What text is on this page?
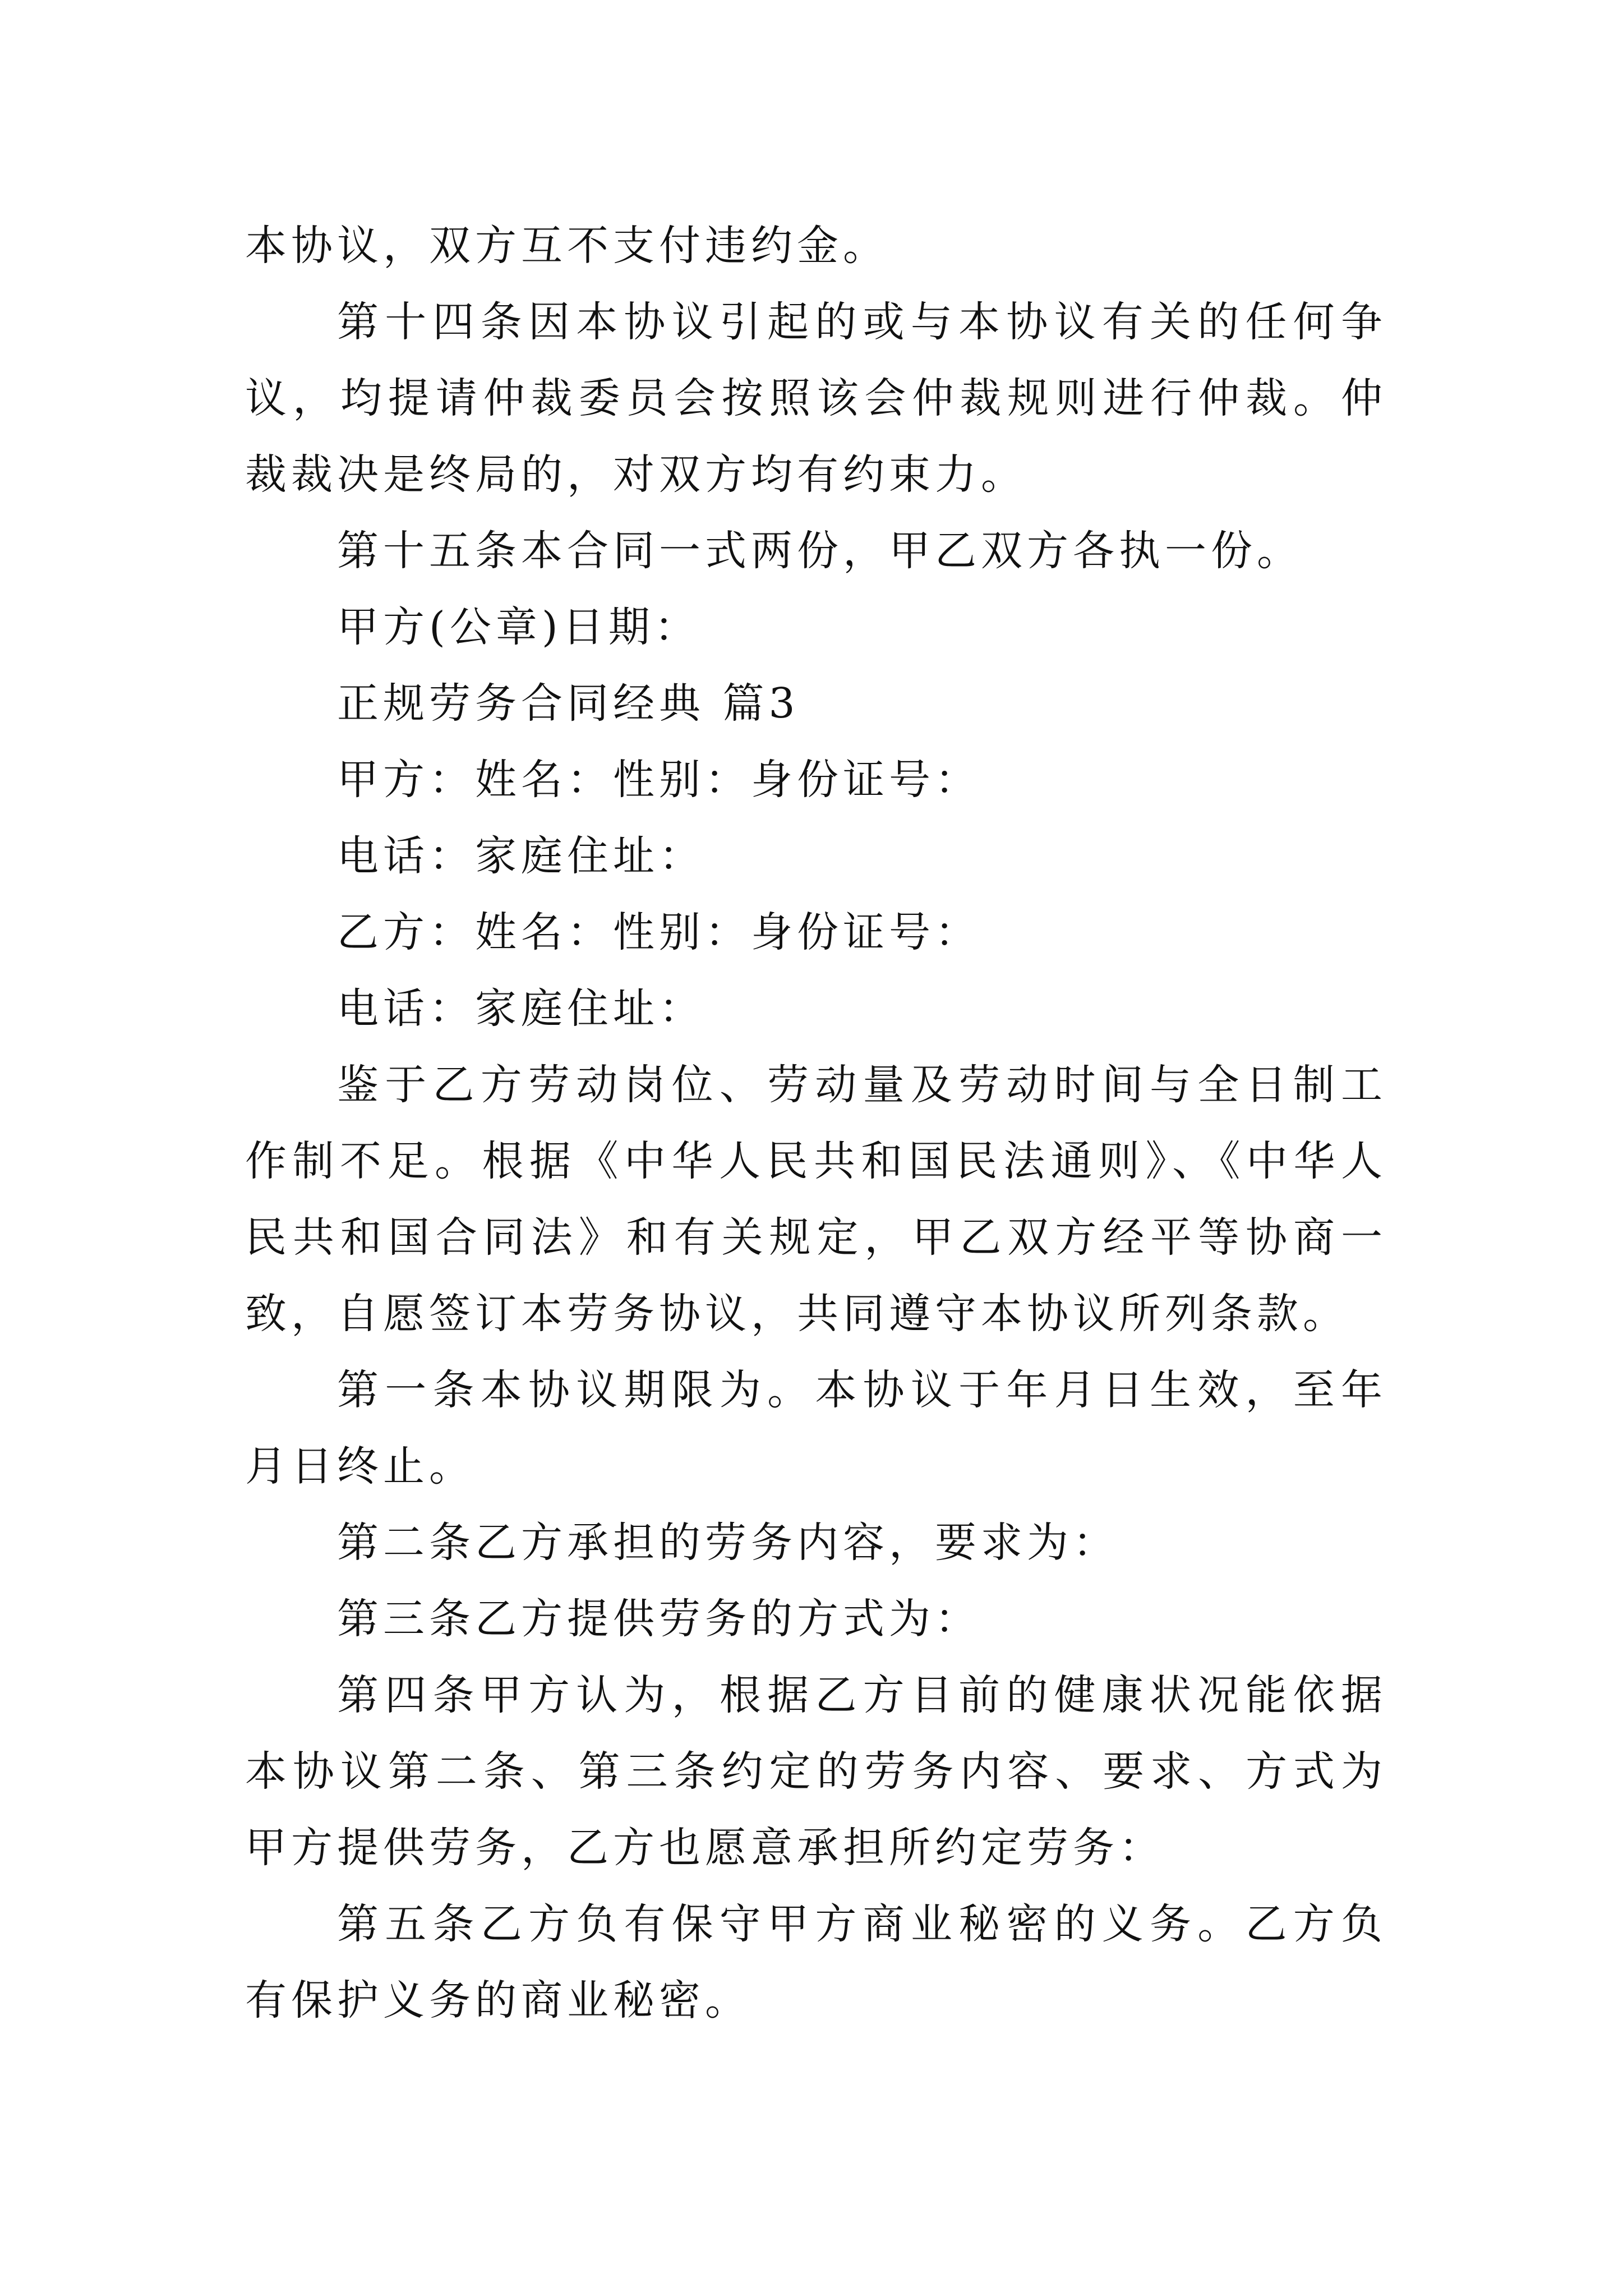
本协议，双方互不支付违约金。

第十四条因本协议引起的或与本协议有关的任何争议，均提请仲裁委员会按照该会仲裁规则进行仲裁。仲裁裁决是终局的，对双方均有约束力。

第十五条本合同一式两份，甲乙双方各执一份。

甲方(公章)日期：

正规劳务合同经典 篇3

甲方：姓名：性别：身份证号：

电话：家庭住址：

乙方：姓名：性别：身份证号：

电话：家庭住址：

鉴于乙方劳动岗位、劳动量及劳动时间与全日制工作制不足。根据《中华人民共和国民法通则》、《中华人民共和国合同法》和有关规定，甲乙双方经平等协商一致，自愿签订本劳务协议，共同遵守本协议所列条款。

第一条本协议期限为。本协议于年月日生效，至年月日终止。

第二条乙方承担的劳务内容，要求为：

第三条乙方提供劳务的方式为：

第四条甲方认为，根据乙方目前的健康状况能依据本协议第二条、第三条约定的劳务内容、要求、方式为甲方提供劳务，乙方也愿意承担所约定劳务：

第五条乙方负有保守甲方商业秘密的义务。乙方负有保护义务的商业秘密。
